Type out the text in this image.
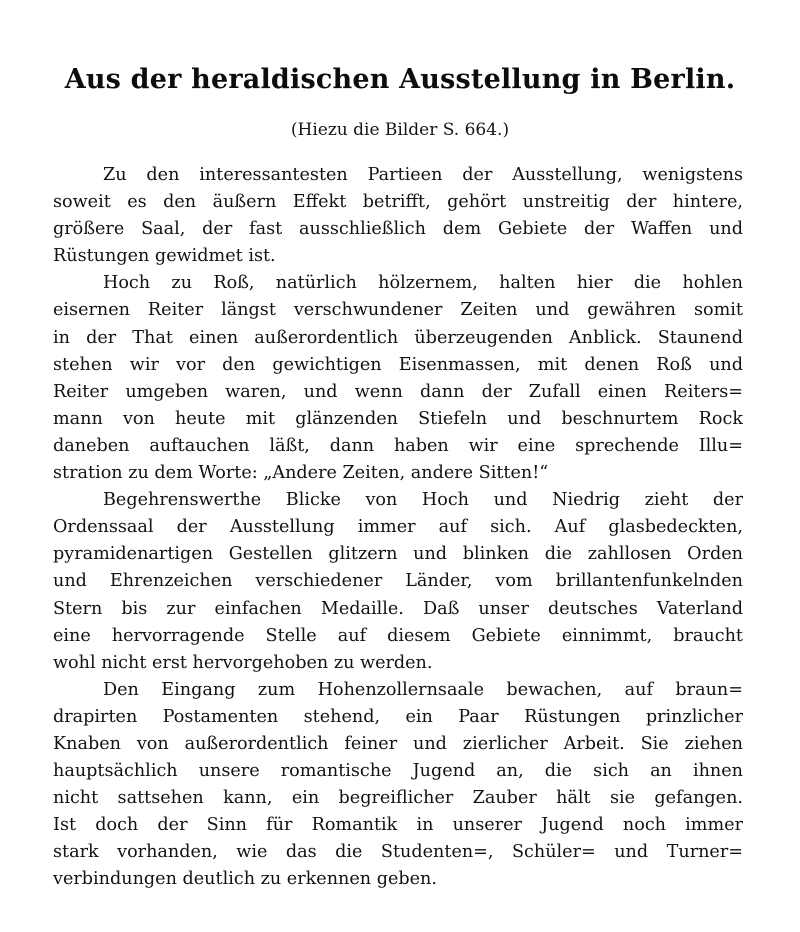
Aus der heraldischen Ausstellung in Berlin.
(Hiezu die Bilder S. 664.)
Zu den interessantesten Partieen der Ausstellung, wenigstens
soweit es den äußern Effekt betrifft, gehört unstreitig der hintere,
größere Saal, der fast ausschließlich dem Gebiete der Waffen und
Rüstungen gewidmet ist.
Hoch zu Roß, natürlich hölzernem, halten hier die hohlen
eisernen Reiter längst verschwundener Zeiten und gewähren somit
in der That einen außerordentlich überzeugenden Anblick. Staunend
stehen wir vor den gewichtigen Eisenmassen, mit denen Roß und
Reiter umgeben waren, und wenn dann der Zufall einen Reiters=
mann von heute mit glänzenden Stiefeln und beschnurtem Rock
daneben auftauchen läßt, dann haben wir eine sprechende Illu=
stration zu dem Worte: „Andere Zeiten, andere Sitten!“
Begehrenswerthe Blicke von Hoch und Niedrig zieht der
Ordenssaal der Ausstellung immer auf sich. Auf glasbedeckten,
pyramidenartigen Gestellen glitzern und blinken die zahllosen Orden
und Ehrenzeichen verschiedener Länder, vom brillantenfunkelnden
Stern bis zur einfachen Medaille. Daß unser deutsches Vaterland
eine hervorragende Stelle auf diesem Gebiete einnimmt, braucht
wohl nicht erst hervorgehoben zu werden.
Den Eingang zum Hohenzollernsaale bewachen, auf braun=
drapirten Postamenten stehend, ein Paar Rüstungen prinzlicher
Knaben von außerordentlich feiner und zierlicher Arbeit. Sie ziehen
hauptsächlich unsere romantische Jugend an, die sich an ihnen
nicht sattsehen kann, ein begreiflicher Zauber hält sie gefangen.
Ist doch der Sinn für Romantik in unserer Jugend noch immer
stark vorhanden, wie das die Studenten=, Schüler= und Turner=
verbindungen deutlich zu erkennen geben.
